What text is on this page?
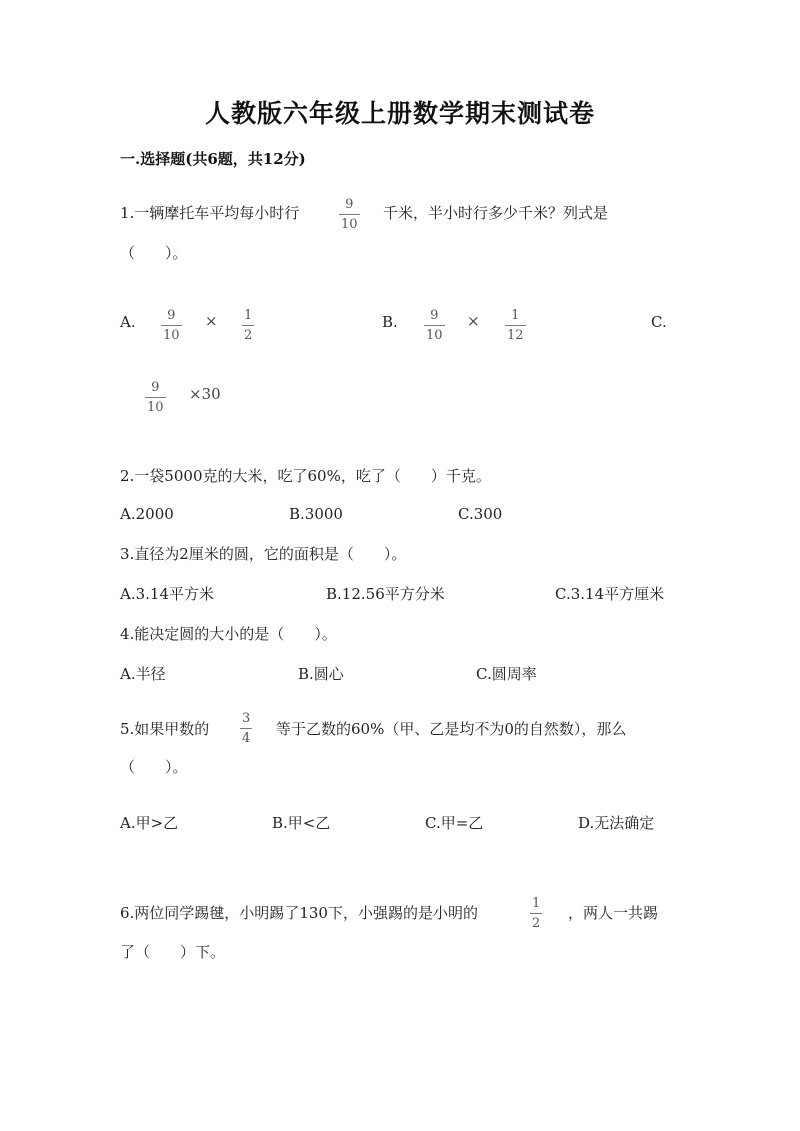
人教版六年级上册数学期末测试卷
一.选择题(共6题，共12分)
1.一辆摩托车平均每小时行	$\frac{9}{10}$ 千米，半小时行多少千米？列式是
（　　）。
A. $\frac{9}{10} \times \frac{1}{2}$	B. $\frac{9}{10} \times \frac{1}{12}$	C.
$\frac{9}{10} \times 30$
2.一袋5000克的大米，吃了60%，吃了（　　）千克。
A.2000	B.3000	C.300
3.直径为2厘米的圆，它的面积是（　　）。
A.3.14平方米	B.12.56平方分米	C.3.14平方厘米
4.能决定圆的大小的是（　　）。
A.半径	B.圆心	C.圆周率
5.如果甲数的 $\frac{3}{4}$ 等于乙数的60%（甲、乙是均不为0的自然数），那么
（　　）。
A.甲>乙	B.甲<乙	C.甲=乙	D.无法确定
6.两位同学踢毽，小明踢了130下，小强踢的是小明的	$\frac{1}{2}$ ，两人一共踢
了（　　）下。
